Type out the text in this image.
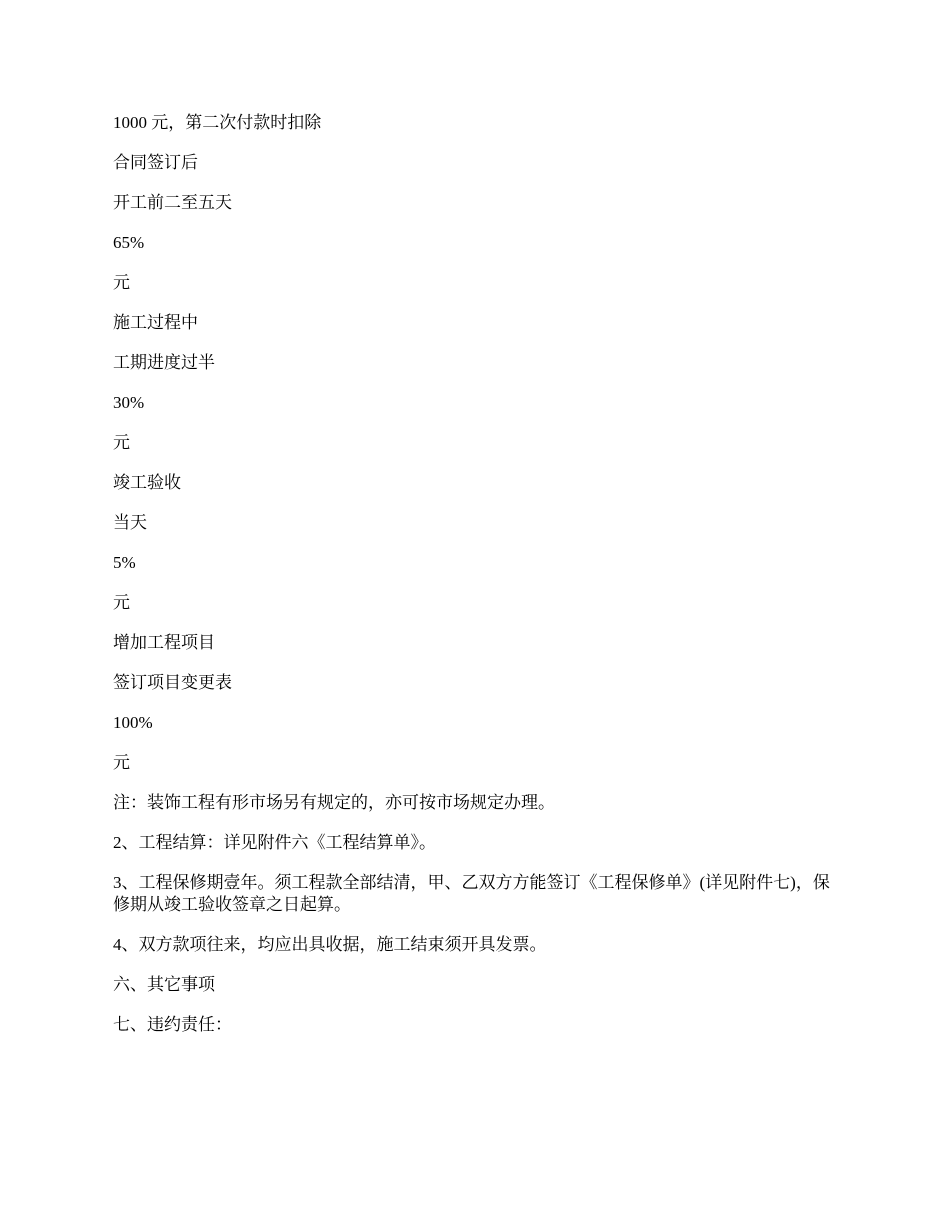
1000 元，第二次付款时扣除

合同签订后

开工前二至五天

65%

元

施工过程中

工期进度过半

30%

元

竣工验收

当天

5%

元

增加工程项目

签订项目变更表

100%

元

注：装饰工程有形市场另有规定的，亦可按市场规定办理。

2、工程结算：详见附件六《工程结算单》。

3、工程保修期壹年。须工程款全部结清，甲、乙双方方能签订《工程保修单》(详见附件七)，保修期从竣工验收签章之日起算。

4、双方款项往来，均应出具收据，施工结束须开具发票。

六、其它事项

七、违约责任：
